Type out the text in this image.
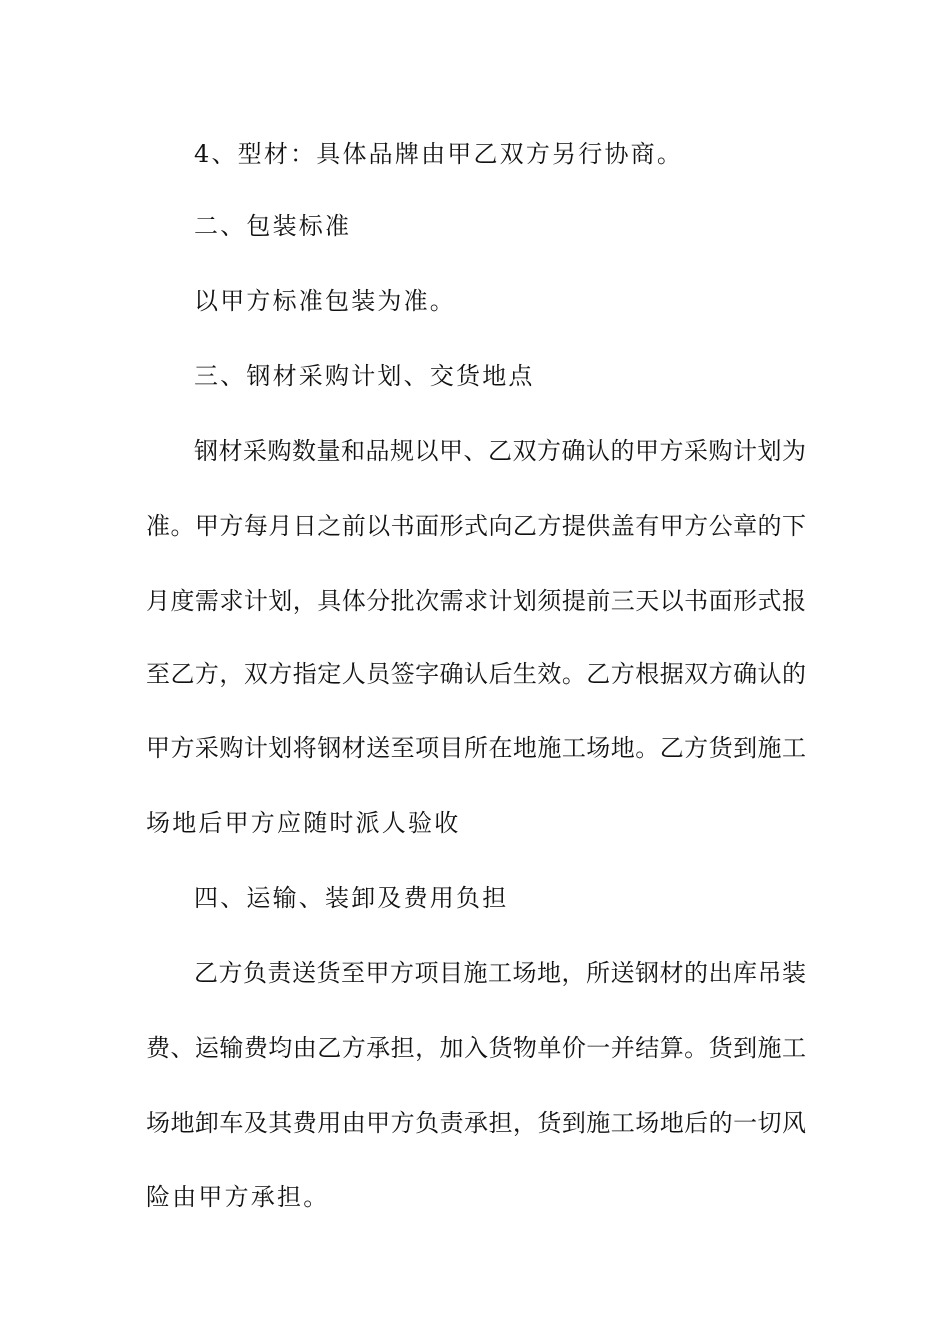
4、型材：具体品牌由甲乙双方另行协商。
二、包装标准
以甲方标准包装为准。
三、钢材采购计划、交货地点
钢材采购数量和品规以甲、乙双方确认的甲方采购计划为
准。甲方每月日之前以书面形式向乙方提供盖有甲方公章的下
月度需求计划，具体分批次需求计划须提前三天以书面形式报
至乙方，双方指定人员签字确认后生效。乙方根据双方确认的
甲方采购计划将钢材送至项目所在地施工场地。乙方货到施工
场地后甲方应随时派人验收
四、运输、装卸及费用负担
乙方负责送货至甲方项目施工场地，所送钢材的出库吊装
费、运输费均由乙方承担，加入货物单价一并结算。货到施工
场地卸车及其费用由甲方负责承担，货到施工场地后的一切风
险由甲方承担。
